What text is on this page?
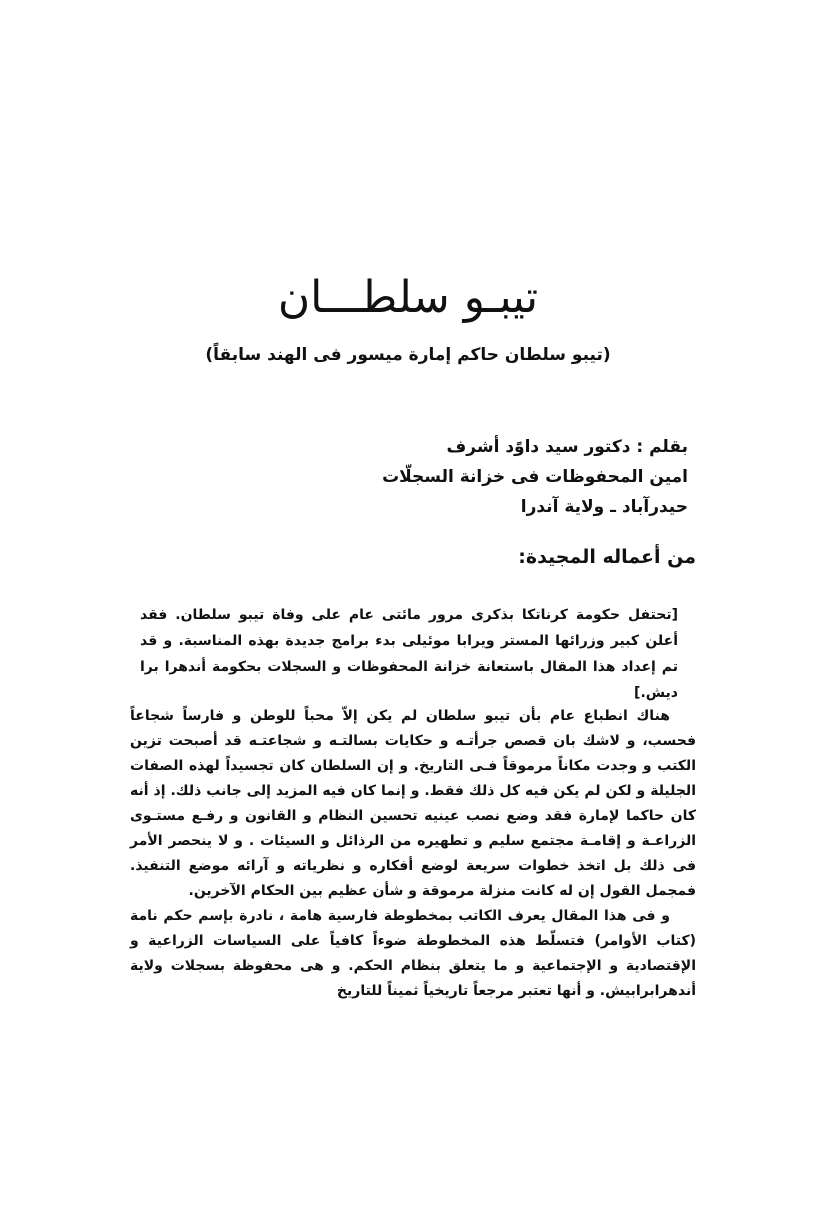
تيبـو سلطـــان

(تيبو سلطان حاكم إمارة ميسور فى الهند سابقاً)

بقلم : دكتور سيد داوًد أشرف
امين المحفوظات فى خزانة السجلّات
حيدرآباد ـ ولاية آندرا
من أعماله المجيدة:
[تحتفل حكومة كرناتكا بذكرى مرور مائتى عام على وفاة تيبو سلطان. فقد أعلن كبير وزرائها المستر ويرابا موئيلى بدء برامج جديدة بهذه المناسبة. و قد تم إعداد هذا المقال باستعانة خزانة المحفوظات و السجلات بحكومة أندهرا برا ديش.]

هناك انطباع عام بأن تيبو سلطان لم يكن إلاّ محباً للوطن و فارساً شجاعاً فحسب، و لاشك بان قصص جرأتـه و حكايات بسالتـه و شجاعتـه قد أصبحت تزين الكتب و وجدت مكاناً مرموقاً فـى التاريخ. و إن السلطان كان تجسيداً لهذه الصفات الجليلة و لكن لم يكن فيه كل ذلك فقط. و إنما كان فيه المزيد إلى جانب ذلك. إذ أنه كان حاكما لإمارة فقد وضع نصب عينيه تحسين النظام و القانون و رفـع مستـوى الزراعـة و إقامـة مجتمع سليم و تطهيره من الرذائل و السيئات . و لا ينحصر الأمر فى ذلك بل اتخذ خطوات سريعة لوضع أفكاره و نظرياته و آرائه موضع التنفيذ. فمجمل القول إن له كانت منزلة مرموقة و شأن عظيم بين الحكام الآخرين.

و فى هذا المقال يعرف الكاتب بمخطوطة فارسية هامة ، نادرة بإسم حكم نامة (كتاب الأوامر) فتسلّط هذه المخطوطة ضوءاً كافياً على السياسات الزراعية و الإقتصادية و الإجتماعية و ما يتعلق بنظام الحكم. و هى محفوظة بسجلات ولاية أندهرابرابيش. و أنها تعتبر مرجعاً تاريخياً ثميناً للتاريخ
